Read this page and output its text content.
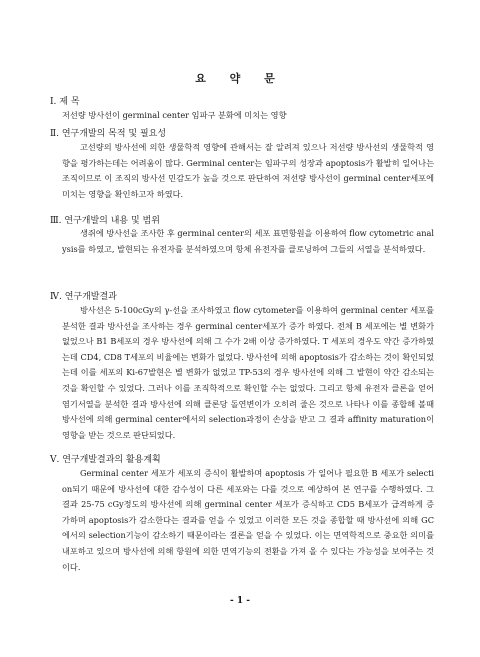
요 약 문
Ⅰ. 제 목
저선량 방사선이 germinal center 임파구 분화에 미치는 영향
Ⅱ. 연구개발의 목적 및 필요성
고선량의 방사선에 의한 생물학적 영향에 관해서는 잘 알려져 있으나 저선량 방사선의 생물학적 영향을 평가하는데는 어려움이 많다. Germinal center는 임파구의 성장과 apoptosis가 활발히 일어나는 조직이므로 이 조직의 방사선 민감도가 높을 것으로 판단하여 저선량 방사선이 germinal center세포에 미치는 영향을 확인하고자 하였다.
Ⅲ. 연구개발의 내용 및 범위
생쥐에 방사선을 조사한 후 germinal center의 세포 표면항원을 이용하여 flow cytometric analysis를 하였고, 발현되는 유전자를 분석하였으며 항체 유전자를 클로닝하여 그들의 서열을 분석하였다.
Ⅳ. 연구개발결과
방사선은 5-100cGy의 γ-선을 조사하였고 flow cytometer를 이용하여 germinal center 세포를 분석한 결과 방사선을 조사하는 경우 germinal center세포가 증가 하였다. 전체 B 세포에는 별 변화가 없었으나 B1 B세포의 경우 방사선에 의해 그 수가 2배 이상 증가하였다. T 세포의 경우도 약간 증가하였는데 CD4, CD8 T세포의 비율에는 변화가 없었다. 방사선에 의해 apoptosis가 감소하는 것이 확인되었는데 이를 세포의 Ki-67발현은 별 변화가 없었고 TP-53의 경우 방사선에 의해 그 발현이 약간 감소되는 것을 확인할 수 있었다. 그러나 이를 조직학적으로 확인할 수는 없었다. 그리고 항체 유전자 클론을 얻어 염기서열을 분석한 결과 방사선에 의해 클론당 돌연변이가 오히려 줄은 것으로 나타나 이를 종합해 볼때 방사선에 의해 germinal center에서의 selection과정이 손상을 받고 그 결과 affinity maturation이 영향을 받는 것으로 판단되었다.
Ⅴ. 연구개발결과의 활용계획
Germinal center 세포가 세포의 증식이 활발하며 apoptosis 가 일어나 필요한 B 세포가 selection되기 때문에 방사선에 대한 감수성이 다른 세포와는 다를 것으로 예상하여 본 연구를 수행하였다. 그 결과 25-75 cGy정도의 방사선에 의해 germinal center 세포가 증식하고 CD5 B세포가 급격하게 증가하며 apoptosis가 감소한다는 결과를 얻을 수 있었고 이러한 모든 것을 종합할 때 방사선에 의해 GC에서의 selection기능이 감소하기 때문이라는 결론을 얻을 수 있었다. 이는 면역학적으로 중요한 의미를 내포하고 있으며 방사선에 의해 항원에 의한 면역기능의 전환을 가져 올 수 있다는 가능성을 보여주는 것이다.
- 1 -
